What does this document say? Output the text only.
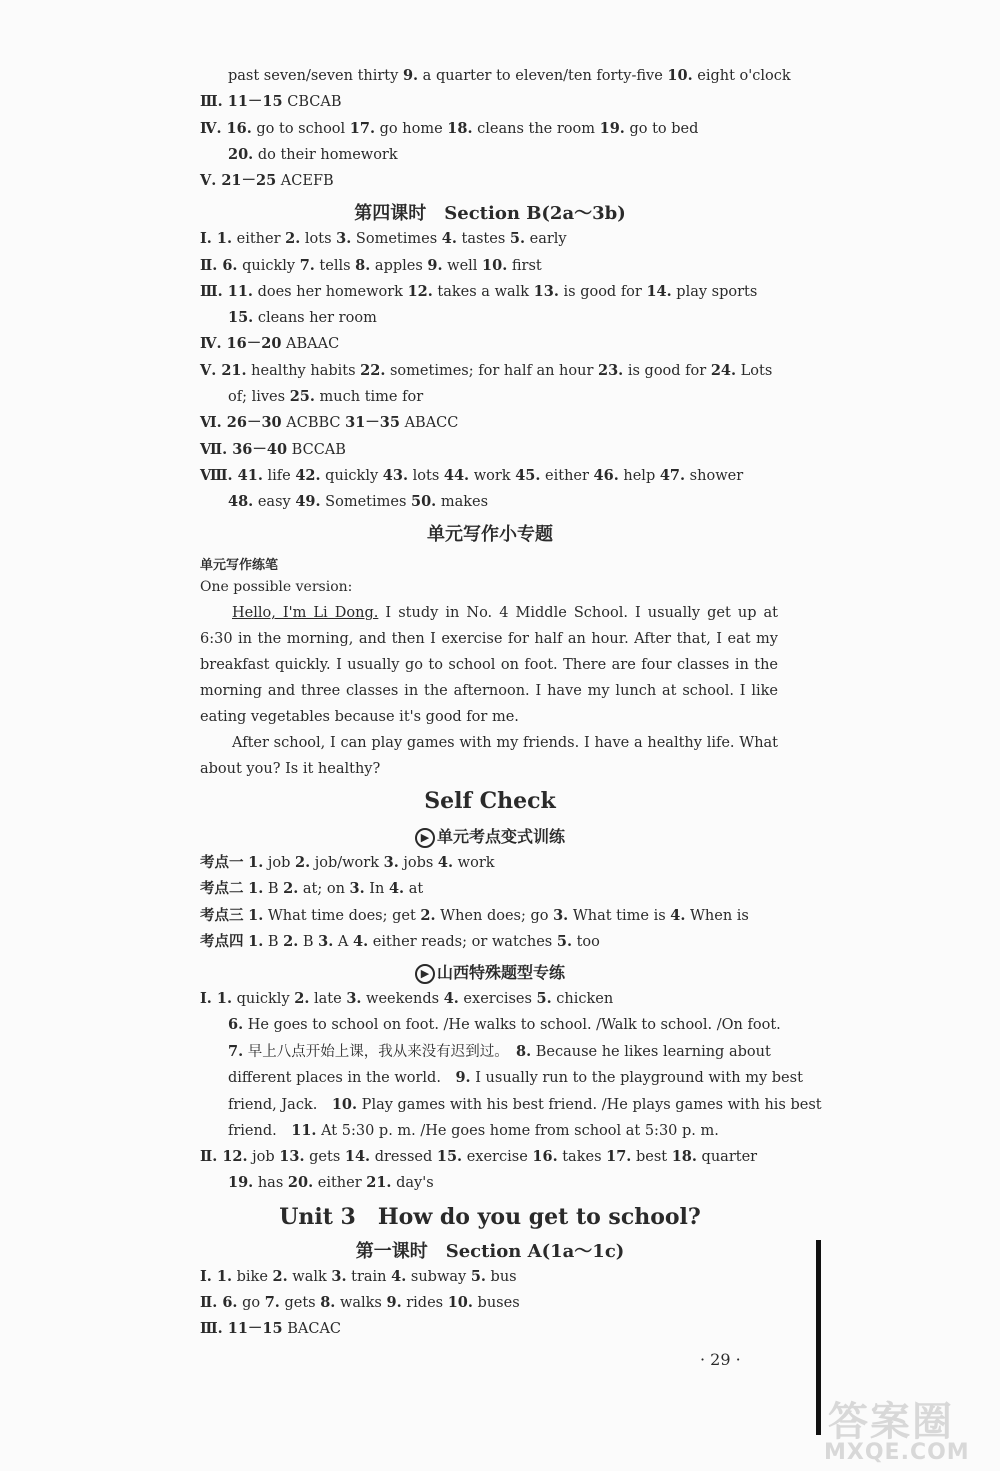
past seven/seven thirty 9. a quarter to eleven/ten forty-five 10. eight o'clock
Ⅲ. 11－15 CBCAB
Ⅳ. 16. go to school 17. go home 18. cleans the room 19. go to bed
20. do their homework
Ⅴ. 21－25 ACEFB
第四课时　Section B(2a～3b)
Ⅰ. 1. either 2. lots 3. Sometimes 4. tastes 5. early
Ⅱ. 6. quickly 7. tells 8. apples 9. well 10. first
Ⅲ. 11. does her homework 12. takes a walk 13. is good for 14. play sports
15. cleans her room
Ⅳ. 16－20 ABAAC
Ⅴ. 21. healthy habits 22. sometimes; for half an hour 23. is good for 24. Lots
of; lives 25. much time for
Ⅵ. 26－30 ACBBC 31－35 ABACC
Ⅶ. 36－40 BCCAB
Ⅷ. 41. life 42. quickly 43. lots 44. work 45. either 46. help 47. shower
48. easy 49. Sometimes 50. makes
单元写作小专题
单元写作练笔
One possible version:

Hello, I'm Li Dong. I study in No. 4 Middle School. I usually get up at 6:30 in the morning, and then I exercise for half an hour. After that, I eat my breakfast quickly. I usually go to school on foot. There are four classes in the morning and three classes in the afternoon. I have my lunch at school. I like eating vegetables because it's good for me.

After school, I can play games with my friends. I have a healthy life. What about you? Is it healthy?

Self Check
▶ 单元考点变式训练
考点一 1. job 2. job/work 3. jobs 4. work
考点二 1. B 2. at; on 3. In 4. at
考点三 1. What time does; get 2. When does; go 3. What time is 4. When is
考点四 1. B 2. B 3. A 4. either reads; or watches 5. too
▶ 山西特殊题型专练
Ⅰ. 1. quickly 2. late 3. weekends 4. exercises 5. chicken
6. He goes to school on foot. /He walks to school. /Walk to school. /On foot.
7. 早上八点开始上课，我从来没有迟到过。　8. Because he likes learning about
different places in the world.　9. I usually run to the playground with my best
friend, Jack.　10. Play games with his best friend. /He plays games with his best
friend.　11. At 5:30 p. m. /He goes home from school at 5:30 p. m.
Ⅱ. 12. job 13. gets 14. dressed 15. exercise 16. takes 17. best 18. quarter
19. has 20. either 21. day's
Unit 3　How do you get to school?
第一课时　Section A(1a～1c)
Ⅰ. 1. bike 2. walk 3. train 4. subway 5. bus
Ⅱ. 6. go 7. gets 8. walks 9. rides 10. buses
Ⅲ. 11－15 BACAC
· 29 ·
答案圈
MXQE.COM
